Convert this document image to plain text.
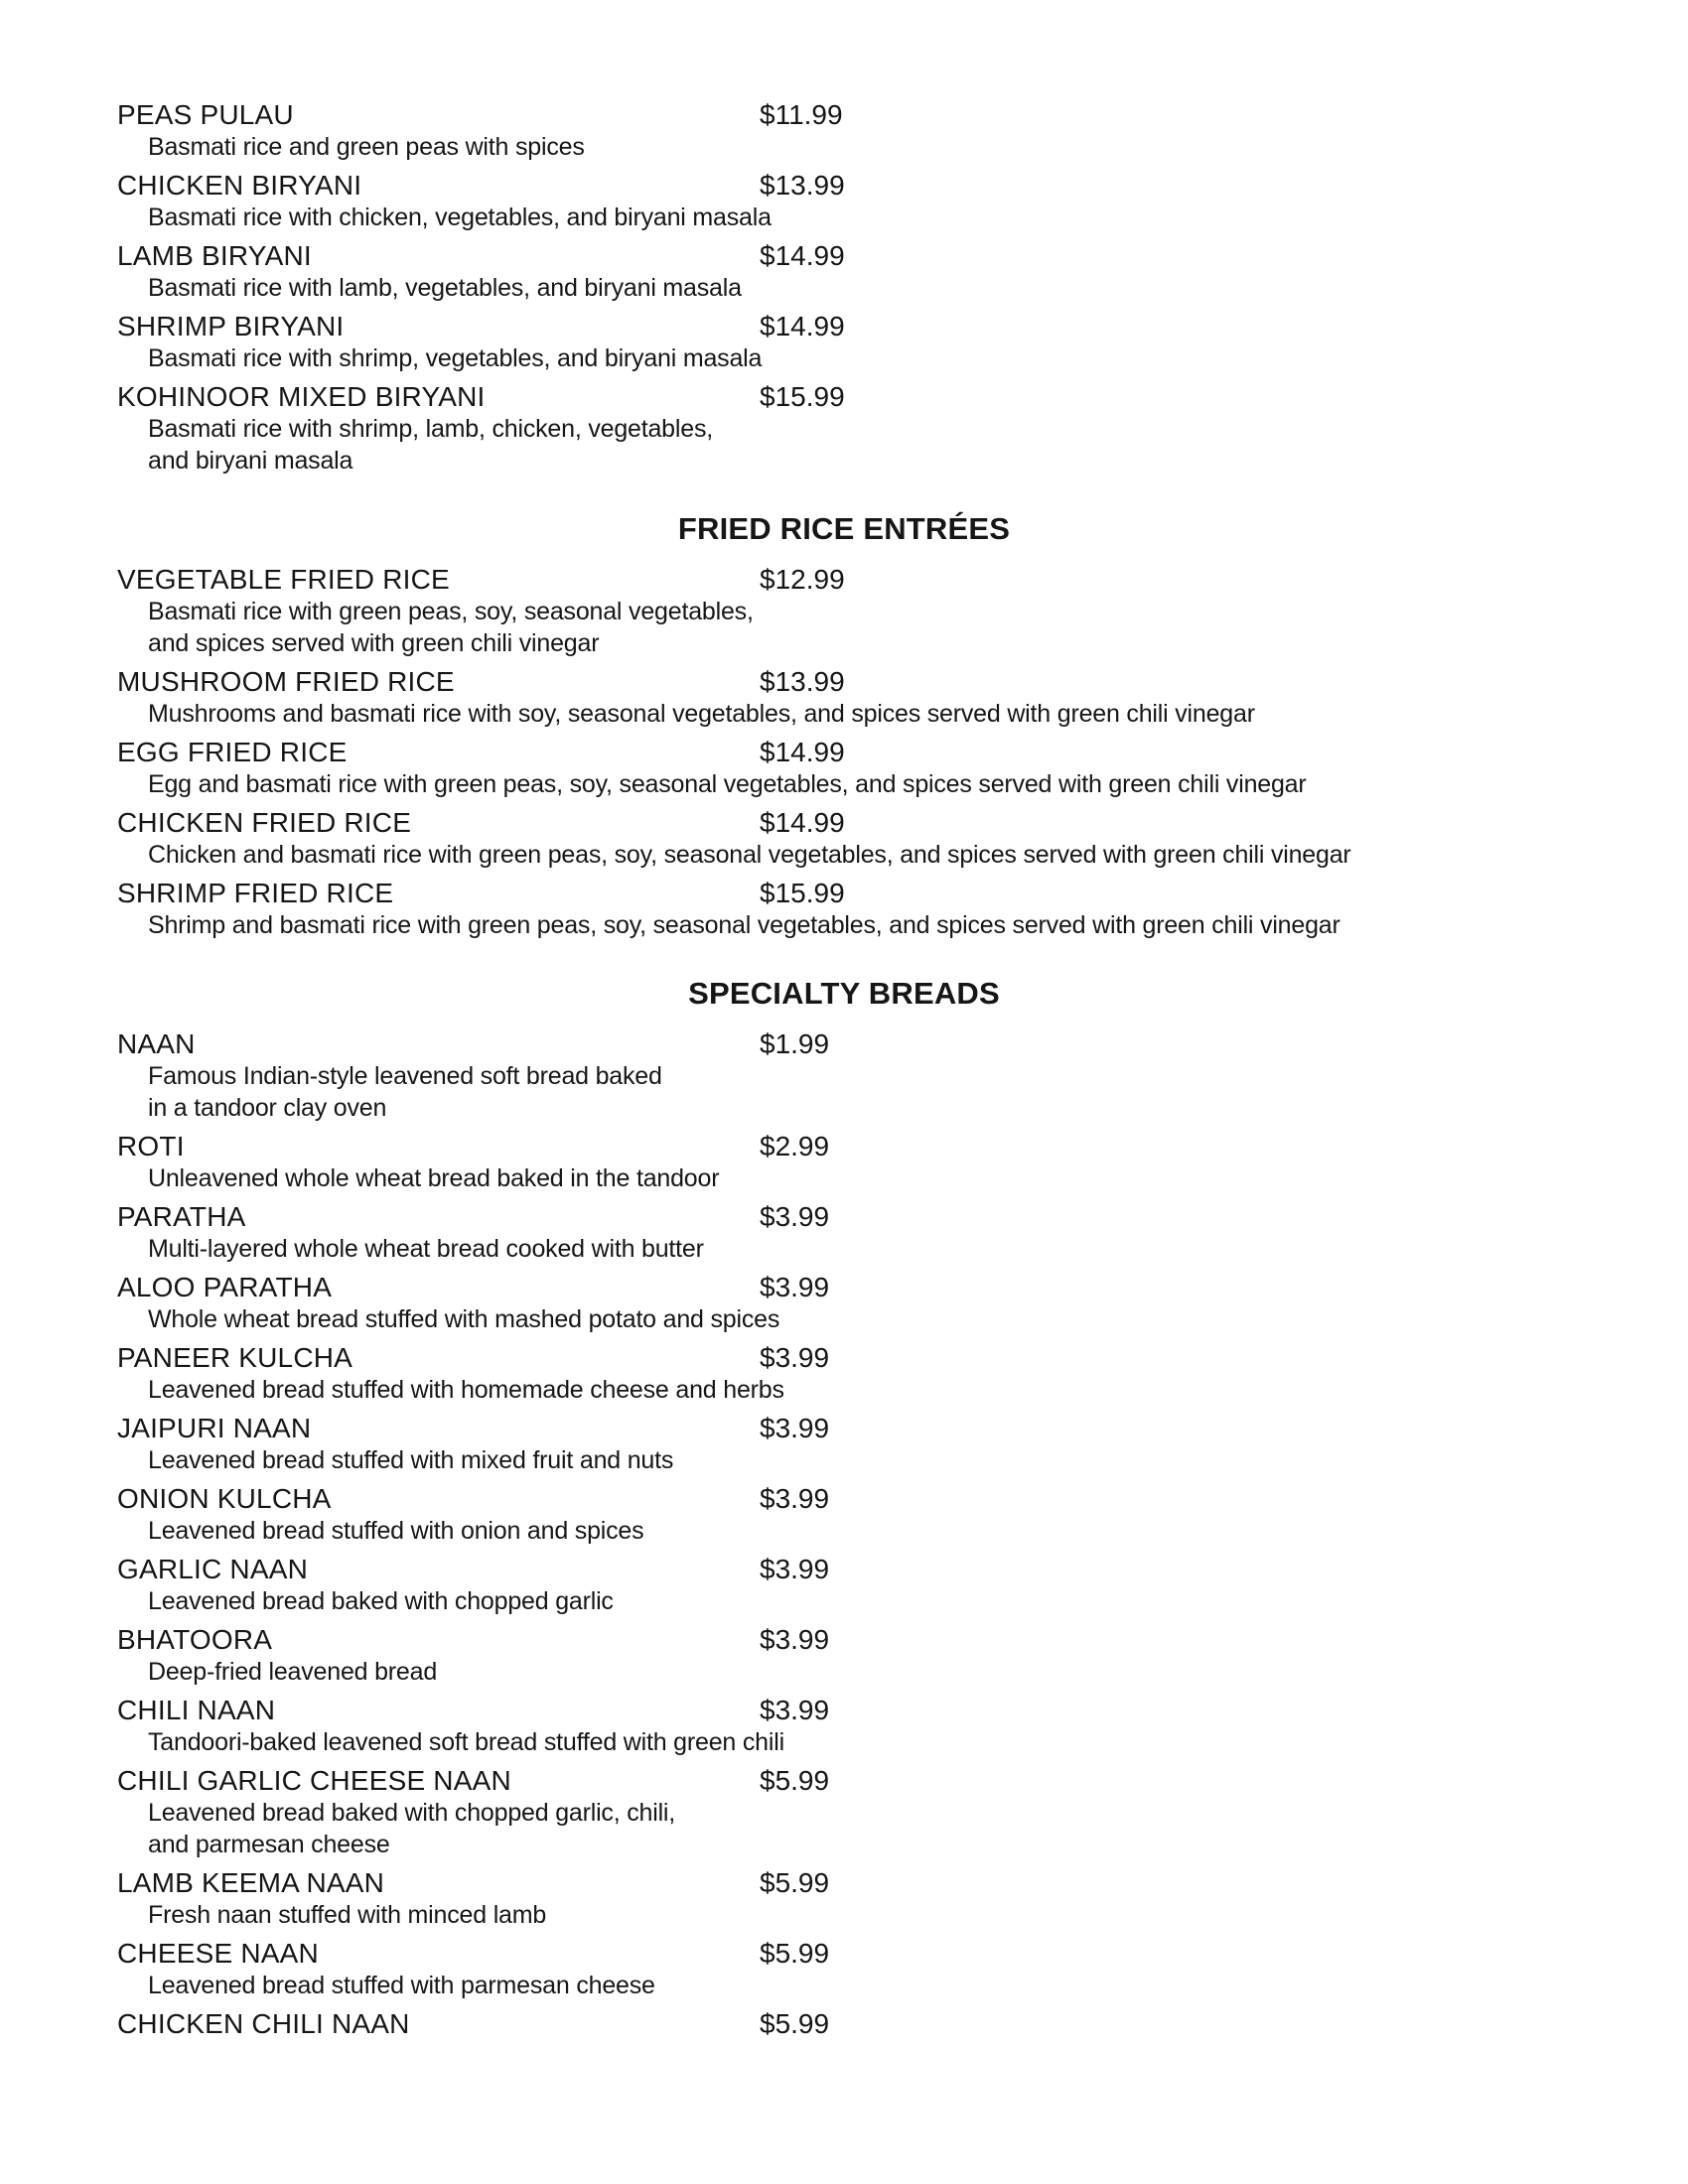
PEAS PULAU	$11.99
Basmati rice and green peas with spices
CHICKEN BIRYANI	$13.99
Basmati rice with chicken, vegetables, and biryani masala
LAMB BIRYANI	$14.99
Basmati rice with lamb, vegetables, and biryani masala
SHRIMP BIRYANI	$14.99
Basmati rice with shrimp, vegetables, and biryani masala
KOHINOOR MIXED BIRYANI	$15.99
Basmati rice with shrimp, lamb, chicken, vegetables,
and biryani masala
FRIED RICE ENTRÉES
VEGETABLE FRIED RICE	$12.99
Basmati rice with green peas, soy, seasonal vegetables,
and spices served with green chili vinegar
MUSHROOM FRIED RICE	$13.99
Mushrooms and basmati rice with soy, seasonal vegetables, and spices served with green chili vinegar
EGG FRIED RICE	$14.99
Egg and basmati rice with green peas, soy, seasonal vegetables, and spices served with green chili vinegar
CHICKEN FRIED RICE	$14.99
Chicken and basmati rice with green peas, soy, seasonal vegetables, and spices served with green chili vinegar
SHRIMP FRIED RICE	$15.99
Shrimp and basmati rice with green peas, soy, seasonal vegetables, and spices served with green chili vinegar
SPECIALTY BREADS
NAAN	$1.99
Famous Indian-style leavened soft bread baked
in a tandoor clay oven
ROTI	$2.99
Unleavened whole wheat bread baked in the tandoor
PARATHA	$3.99
Multi-layered whole wheat bread cooked with butter
ALOO PARATHA	$3.99
Whole wheat bread stuffed with mashed potato and spices
PANEER KULCHA	$3.99
Leavened bread stuffed with homemade cheese and herbs
JAIPURI NAAN	$3.99
Leavened bread stuffed with mixed fruit and nuts
ONION KULCHA	$3.99
Leavened bread stuffed with onion and spices
GARLIC NAAN	$3.99
Leavened bread baked with chopped garlic
BHATOORA	$3.99
Deep-fried leavened bread
CHILI NAAN	$3.99
Tandoori-baked leavened soft bread stuffed with green chili
CHILI GARLIC CHEESE NAAN	$5.99
Leavened bread baked with chopped garlic, chili,
and parmesan cheese
LAMB KEEMA NAAN	$5.99
Fresh naan stuffed with minced lamb
CHEESE NAAN	$5.99
Leavened bread stuffed with parmesan cheese
CHICKEN CHILI NAAN	$5.99
